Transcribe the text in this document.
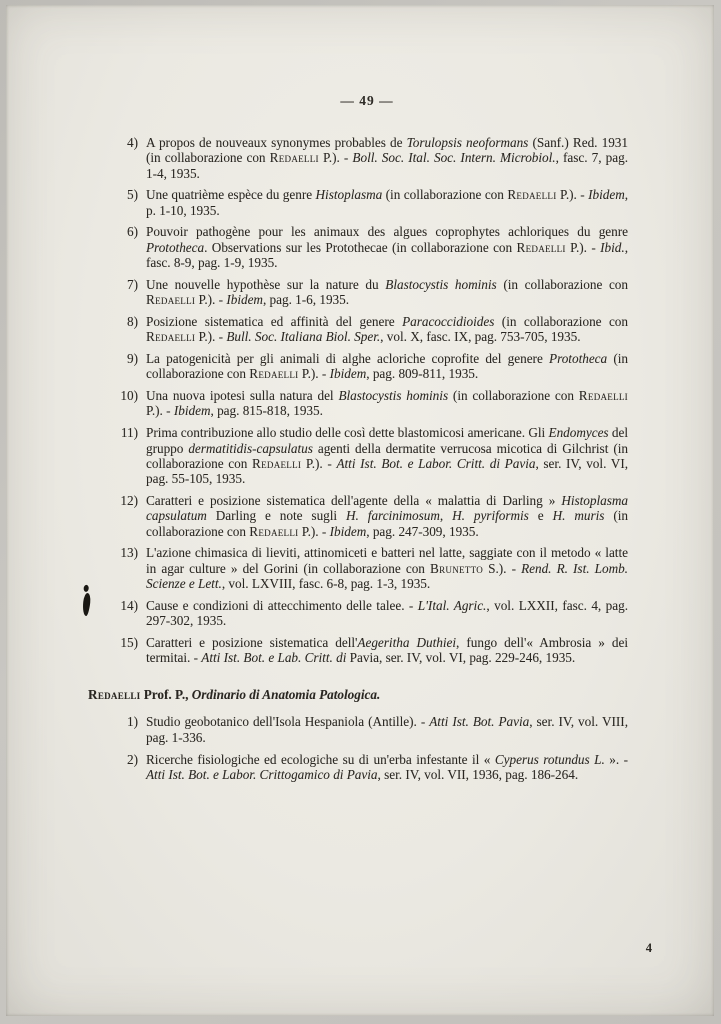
— 49 —
4) A propos de nouveaux synonymes probables de Torulopsis neoformans (Sanf.) Red. 1931 (in collaborazione con Redaelli P.). - Boll. Soc. Ital. Soc. Intern. Microbiol., fasc. 7, pag. 1-4, 1935.
5) Une quatrième espèce du genre Histoplasma (in collaborazione con Redaelli P.). - Ibidem, p. 1-10, 1935.
6) Pouvoir pathogène pour les animaux des algues coprophytes achloriques du genre Prototheca. Observations sur les Protothecae (in collaborazione con Redaelli P.). - Ibid., fasc. 8-9, pag. 1-9, 1935.
7) Une nouvelle hypothèse sur la nature du Blastocystis hominis (in collaborazione con Redaelli P.). - Ibidem, pag. 1-6, 1935.
8) Posizione sistematica ed affinità del genere Paracoccidioides (in collaborazione con Redaelli P.). - Bull. Soc. Italiana Biol. Sper., vol. X, fasc. IX, pag. 753-705, 1935.
9) La patogenicità per gli animali di alghe acloriche coprofite del genere Prototheca (in collaborazione con Redaelli P.). - Ibidem, pag. 809-811, 1935.
10) Una nuova ipotesi sulla natura del Blastocystis hominis (in collaborazione con Redaelli P.). - Ibidem, pag. 815-818, 1935.
11) Prima contribuzione allo studio delle così dette blastomicosi americane. Gli Endomyces del gruppo dermatitidis-capsulatus agenti della dermatite verrucosa micotica di Gilchrist (in collaborazione con Redaelli P.). - Atti Ist. Bot. e Labor. Critt. di Pavia, ser. IV, vol. VI, pag. 55-105, 1935.
12) Caratteri e posizione sistematica dell'agente della « malattia di Darling » Histoplasma capsulatum Darling e note sugli H. farcinimosum, H. pyriformis e H. muris (in collaborazione con Redaelli P.). - Ibidem, pag. 247-309, 1935.
13) L'azione chimasica di lieviti, attinomiceti e batteri nel latte, saggiate con il metodo « latte in agar culture » del Gorini (in collaborazione con Brunetto S.). - Rend. R. Ist. Lomb. Scienze e Lett., vol. LXVIII, fasc. 6-8, pag. 1-3, 1935.
14) Cause e condizioni di attecchimento delle talee. - L'Ital. Agric., vol. LXXII, fasc. 4, pag. 297-302, 1935.
15) Caratteri e posizione sistematica dell'Aegeritha Duthiei, fungo dell'« Ambrosia » dei termitai. - Atti Ist. Bot. e Lab. Critt. di Pavia, ser. IV, vol. VI, pag. 229-246, 1935.
Redaelli Prof. P., Ordinario di Anatomia Patologica.
1) Studio geobotanico dell'Isola Hespaniola (Antille). - Atti Ist. Bot. Pavia, ser. IV, vol. VIII, pag. 1-336.
2) Ricerche fisiologiche ed ecologiche su di un'erba infestante il « Cyperus rotundus L. ». - Atti Ist. Bot. e Labor. Crittogamico di Pavia, ser. IV, vol. VII, 1936, pag. 186-264.
4
